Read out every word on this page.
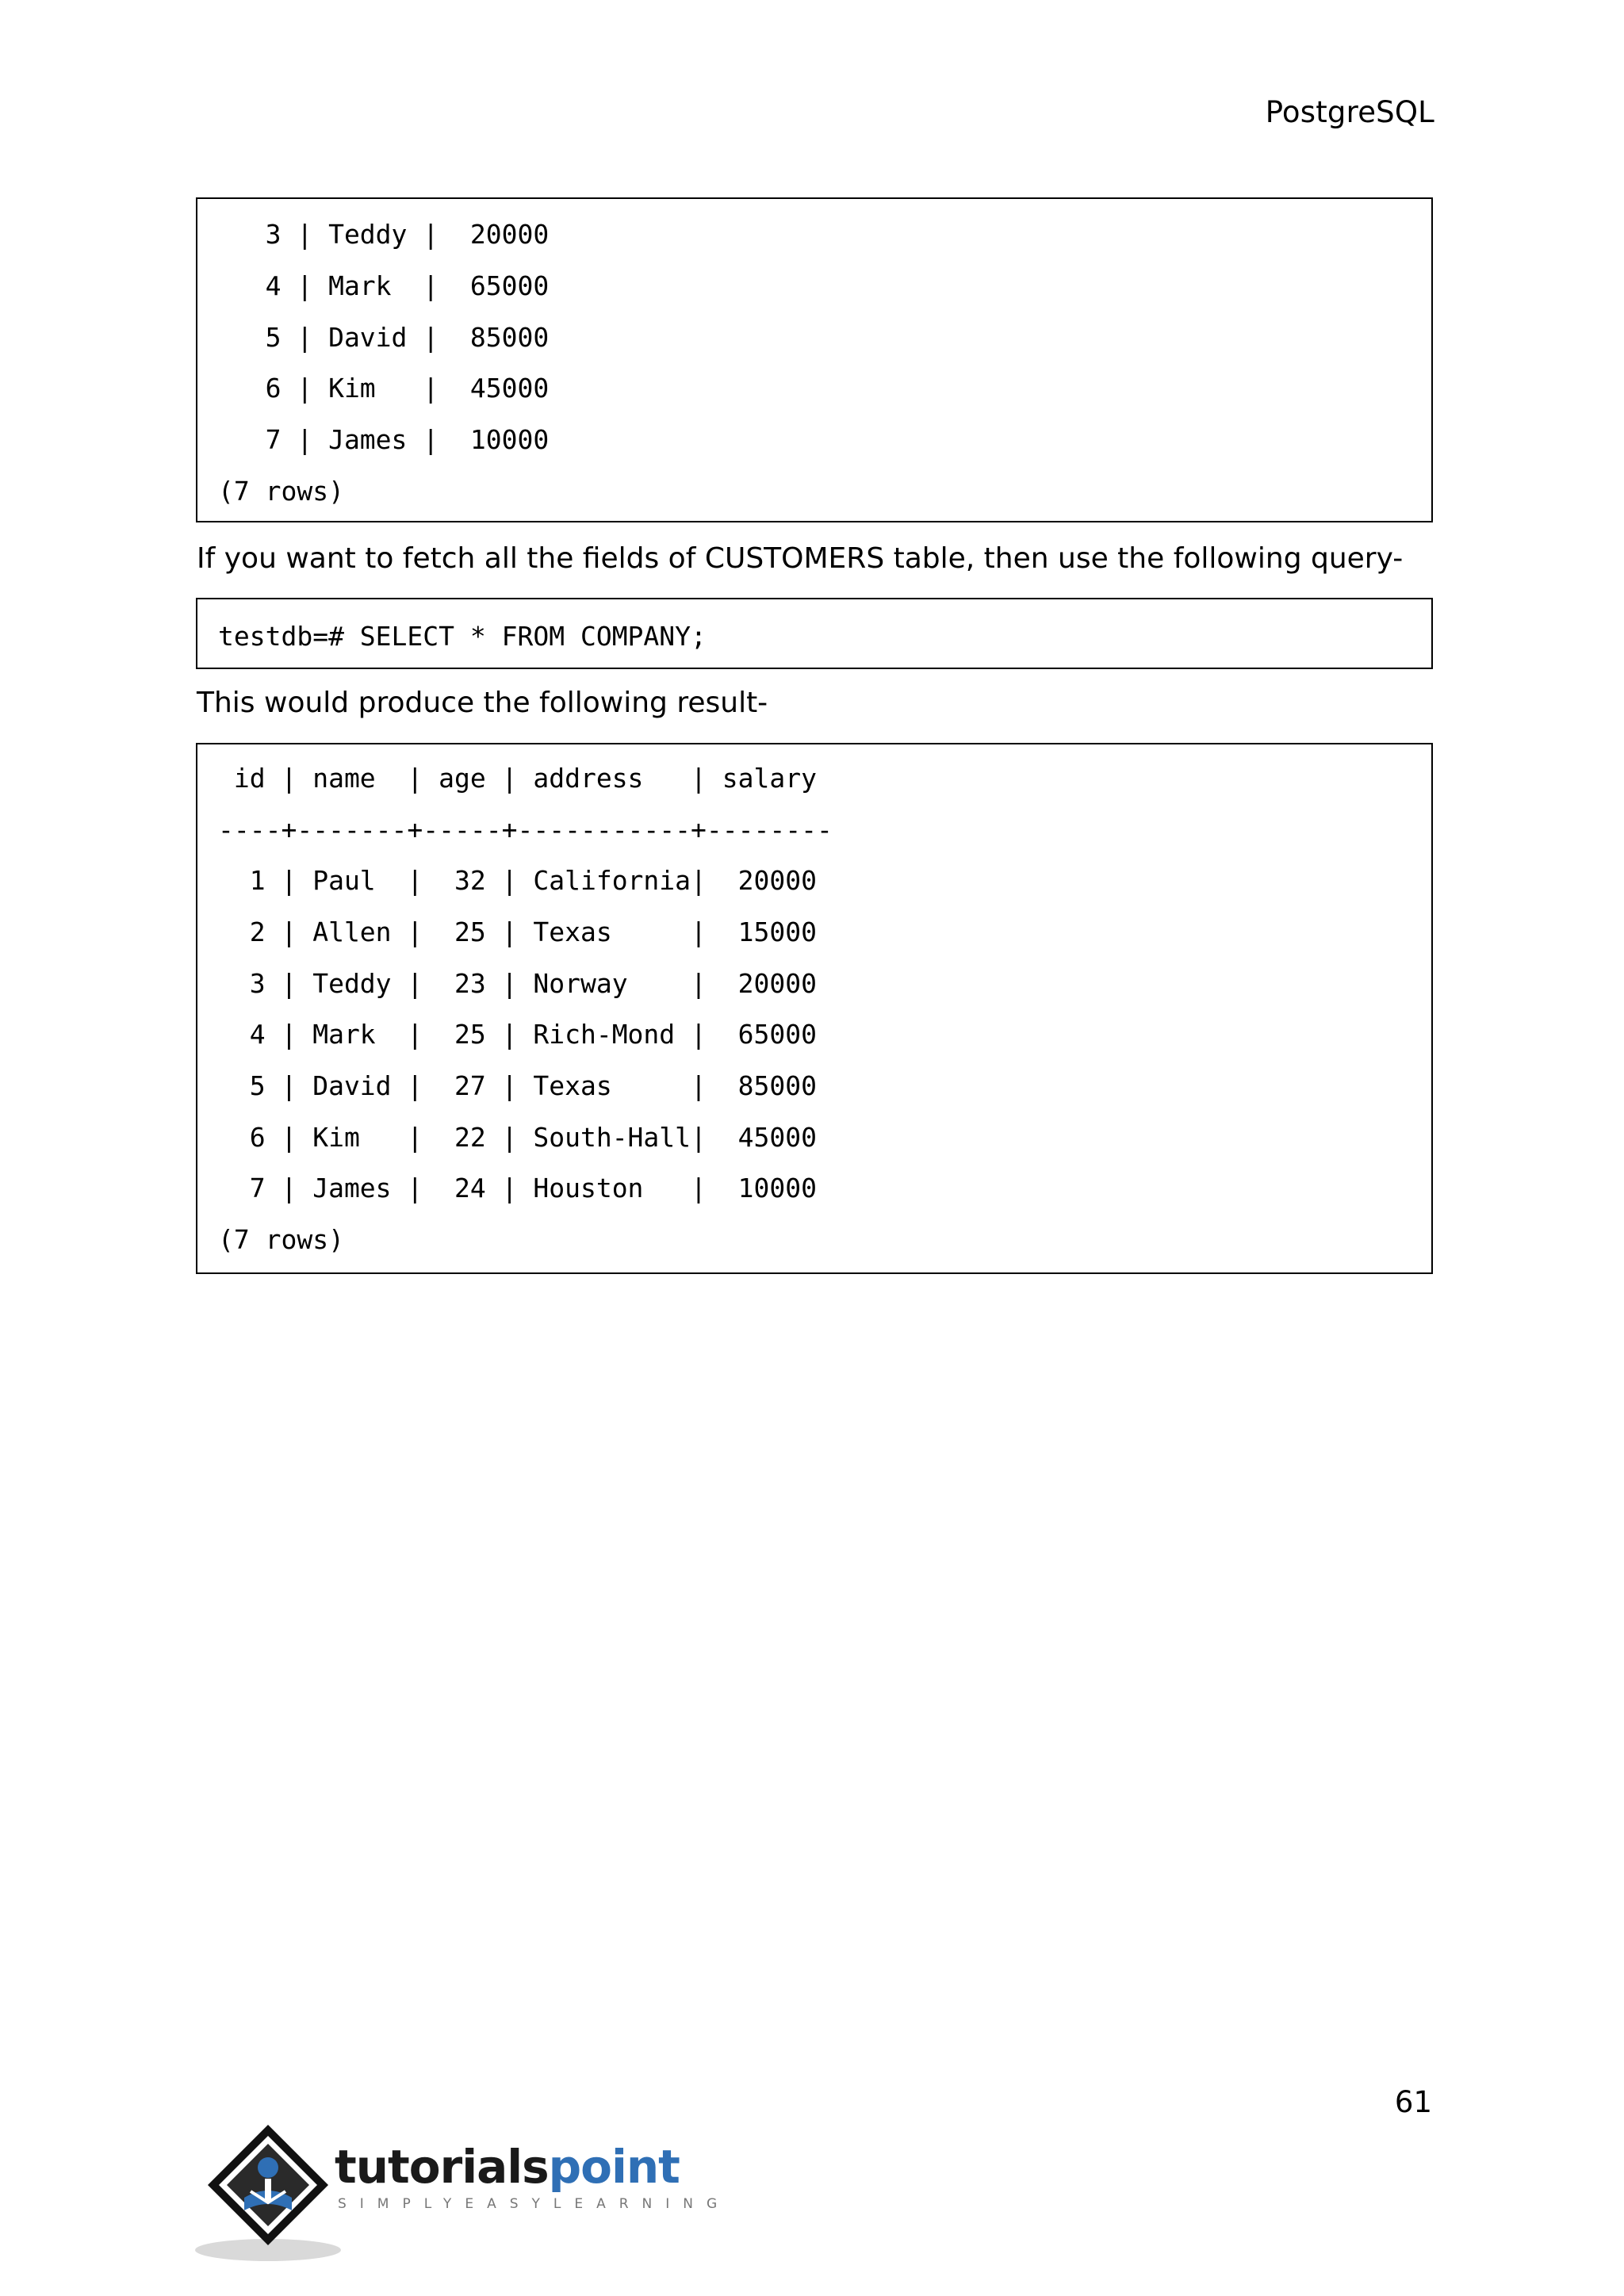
PostgreSQL
3 | Teddy |  20000
4 | Mark  |  65000
5 | David |  85000
6 | Kim   |  45000
7 | James |  10000
(7 rows)
If you want to fetch all the fields of CUSTOMERS table, then use the following query-
testdb=# SELECT * FROM COMPANY;
This would produce the following result-
id | name  | age | address   | salary
----+-------+-----+-----------+--------
1 | Paul  |  32 | California|  20000
2 | Allen |  25 | Texas     |  15000
3 | Teddy |  23 | Norway    |  20000
4 | Mark  |  25 | Rich-Mond |  65000
5 | David |  27 | Texas     |  85000
6 | Kim   |  22 | South-Hall|  45000
7 | James |  24 | Houston   |  10000
(7 rows)
61
tutorialspoint
SIMPLYEASYLEARNING
